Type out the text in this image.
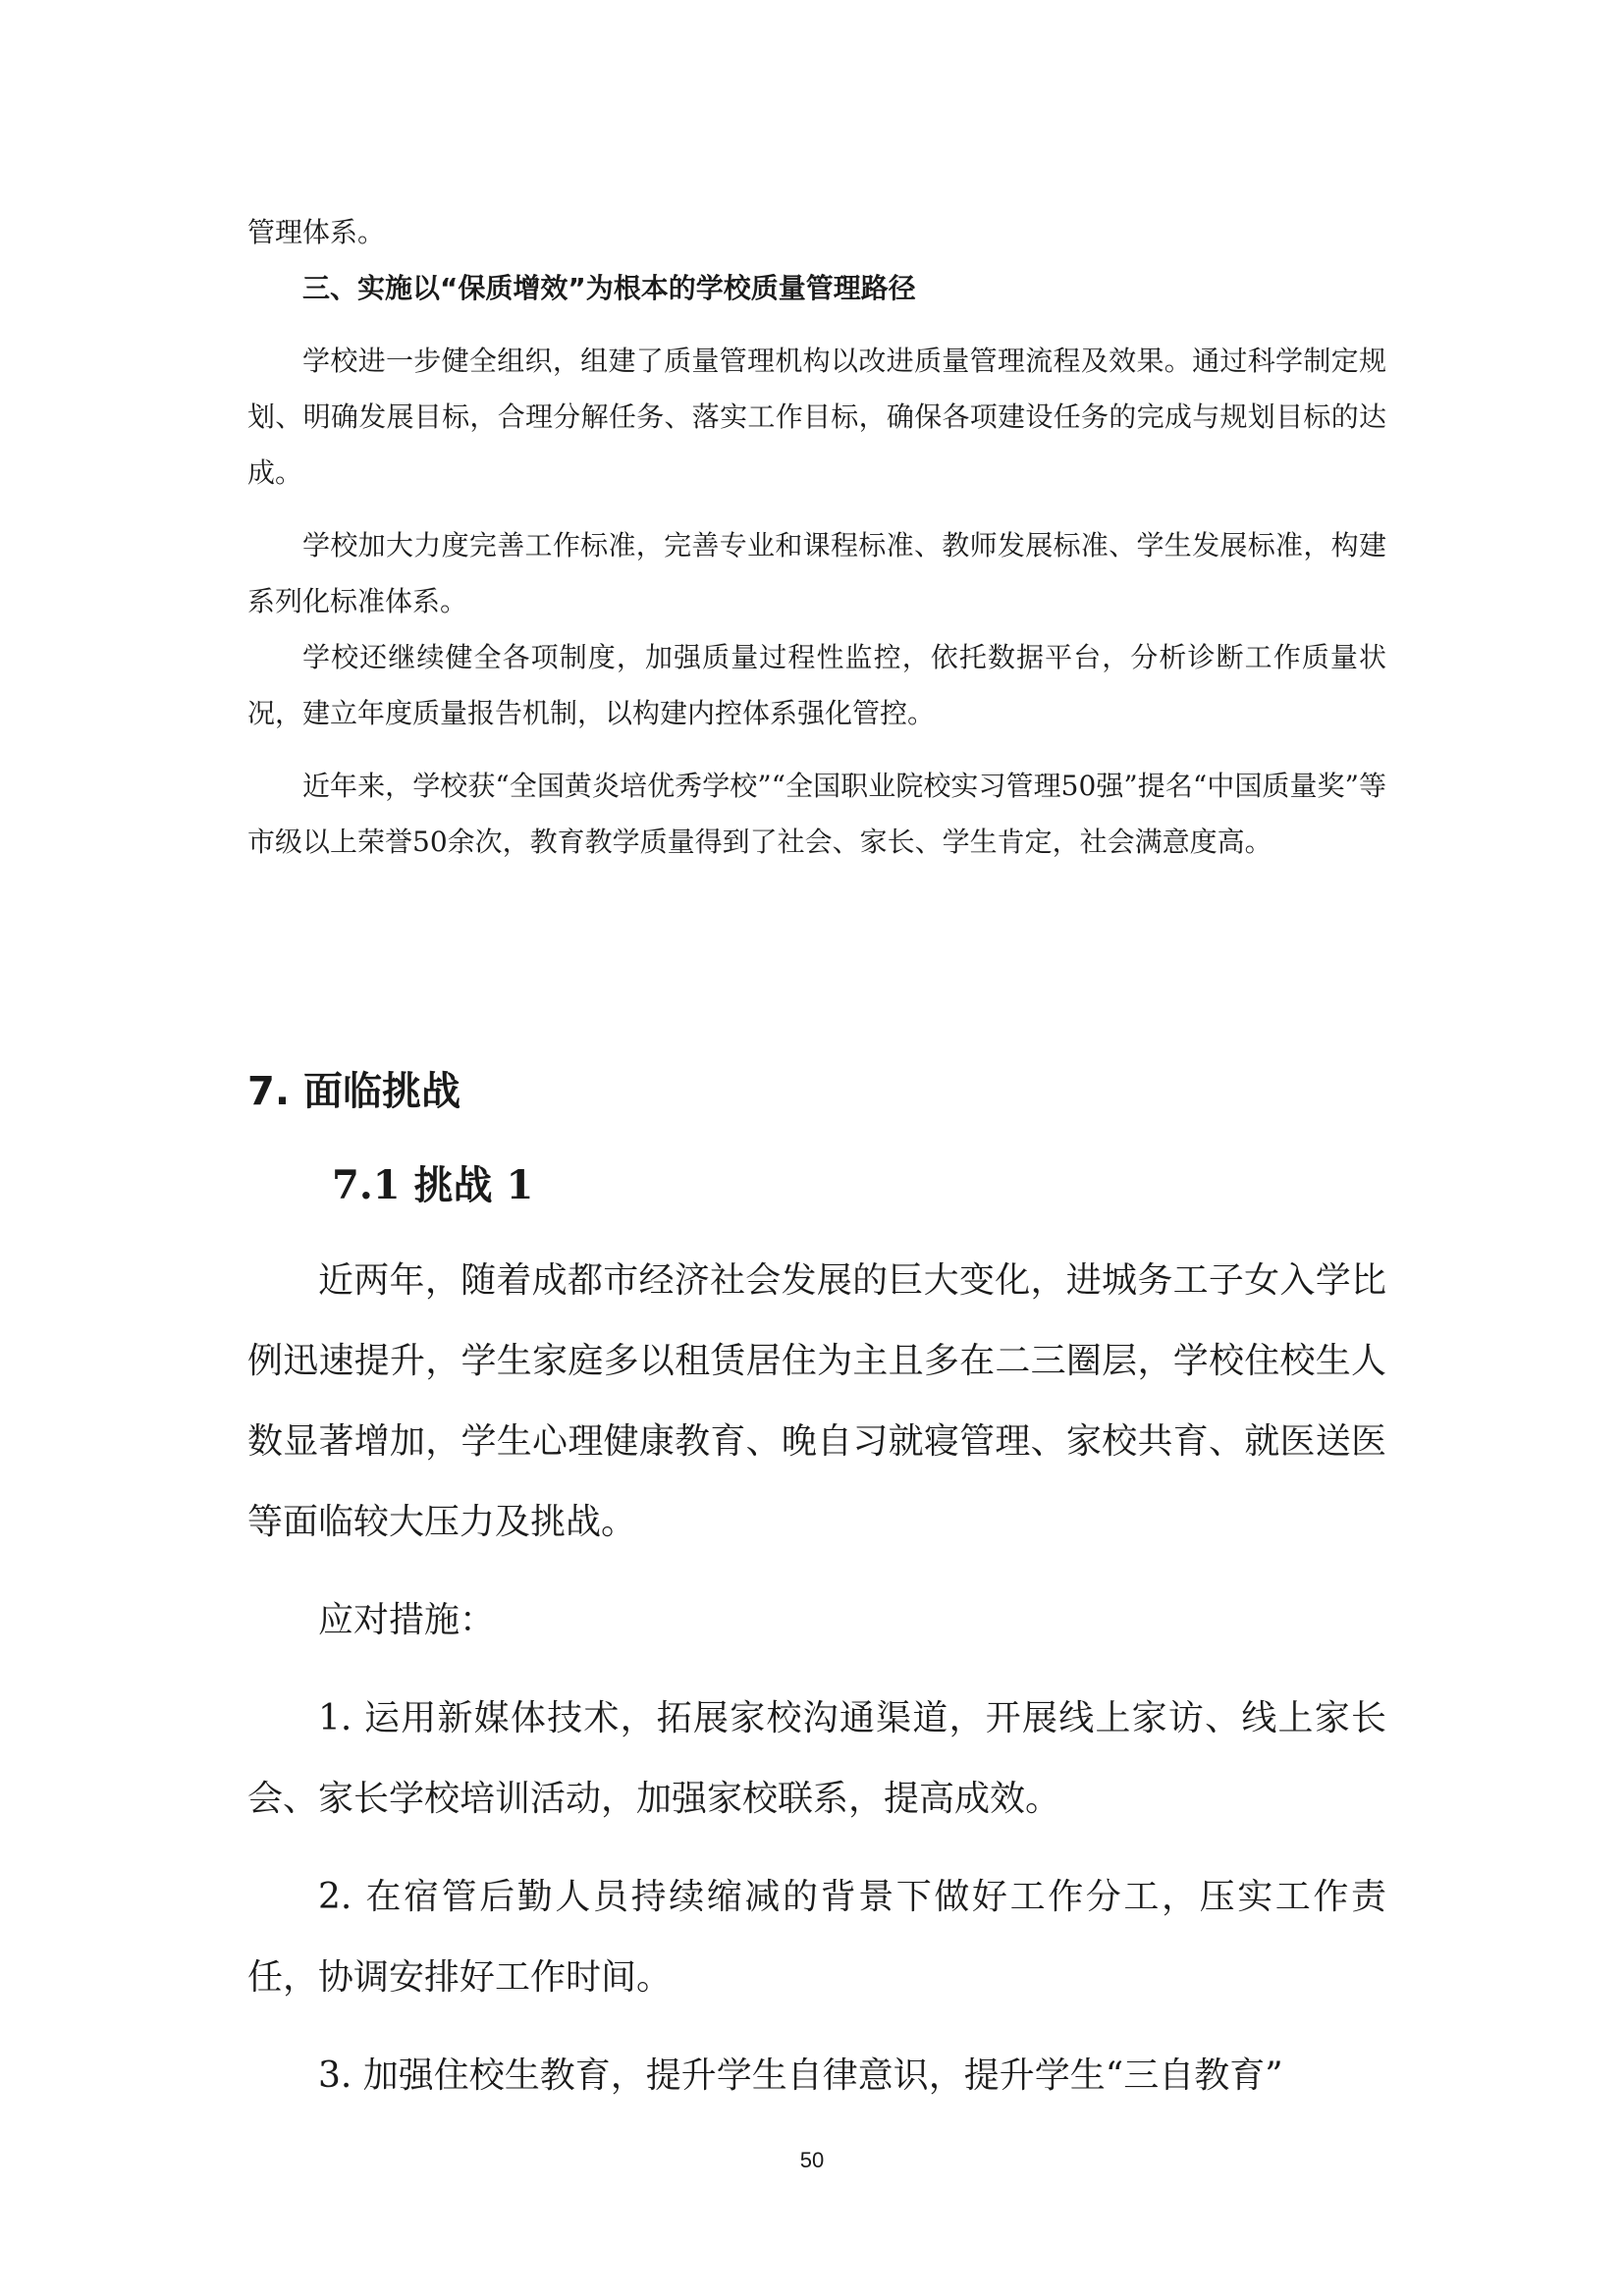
管理体系。

三、实施以“保质增效”为根本的学校质量管理路径

学校进一步健全组织，组建了质量管理机构以改进质量管理流程及效果。通过科学制定规划、明确发展目标，合理分解任务、落实工作目标，确保各项建设任务的完成与规划目标的达成。

学校加大力度完善工作标准，完善专业和课程标准、教师发展标准、学生发展标准，构建系列化标准体系。

学校还继续健全各项制度，加强质量过程性监控，依托数据平台，分析诊断工作质量状况，建立年度质量报告机制，以构建内控体系强化管控。

近年来，学校获“全国黄炎培优秀学校”“全国职业院校实习管理50强”提名“中国质量奖”等市级以上荣誉50余次，教育教学质量得到了社会、家长、学生肯定，社会满意度高。

7. 面临挑战
7.1 挑战 1

近两年，随着成都市经济社会发展的巨大变化，进城务工子女入学比例迅速提升，学生家庭多以租赁居住为主且多在二三圈层，学校住校生人数显著增加，学生心理健康教育、晚自习就寝管理、家校共育、就医送医等面临较大压力及挑战。

应对措施：

1. 运用新媒体技术，拓展家校沟通渠道，开展线上家访、线上家长会、家长学校培训活动，加强家校联系，提高成效。

2. 在宿管后勤人员持续缩减的背景下做好工作分工，压实工作责任，协调安排好工作时间。

3. 加强住校生教育，提升学生自律意识，提升学生“三自教育”

50
